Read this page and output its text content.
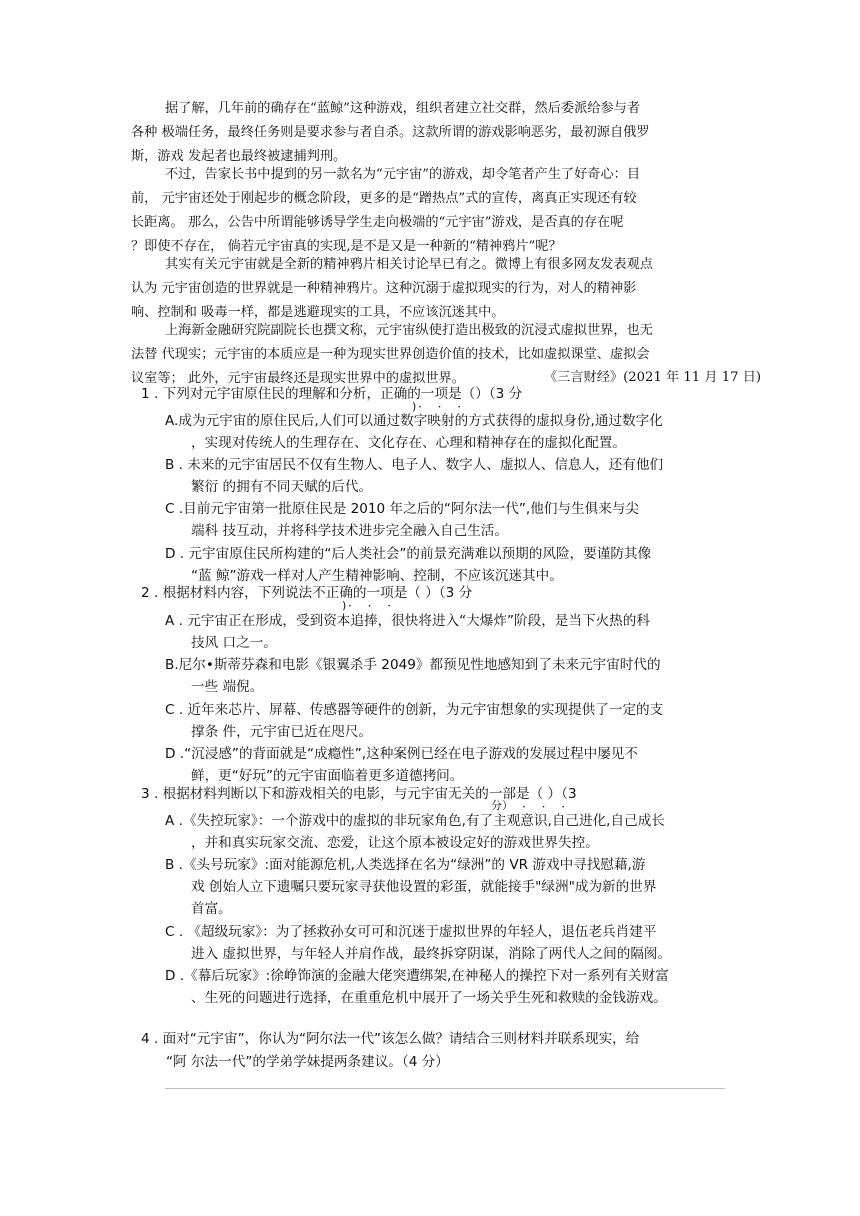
据了解，几年前的确存在“蓝鲸”这种游戏，组织者建立社交群，然后委派给参与者
各种 极端任务，最终任务则是要求参与者自杀。这款所谓的游戏影响恶劣，最初源自俄罗
斯，游戏 发起者也最终被逮捕判刑。
不过，告家长书中提到的另一款名为“元宇宙”的游戏，却令笔者产生了好奇心：目
前， 元宇宙还处于刚起步的概念阶段，更多的是“蹭热点”式的宣传，离真正实现还有较
长距离。 那么，公告中所谓能够诱导学生走向极端的“元宇宙”游戏，是否真的存在呢
？即使不存在， 倘若元宇宙真的实现,是不是又是一种新的“精神鸦片”呢？
其实有关元宇宙就是全新的精神鸦片相关讨论早已有之。微博上有很多网友发表观点
认为 元宇宙创造的世界就是一种精神鸦片。这种沉溺于虚拟现实的行为，对人的精神影
响、控制和 吸毒一样，都是逃避现实的工具，不应该沉迷其中。
上海新金融研究院副院长也撰文称，元宇宙纵使打造出极致的沉浸式虚拟世界，也无
法替 代现实；元宇宙的本质应是一种为现实世界创造价值的技术，比如虚拟课堂、虚拟会
议室等； 此外，元宇宙最终还是现实世界中的虚拟世界。	《三言财经》(2021 年 11 月 17 日)
1 . 下列对元宇宙原住民的理解和分析，正确的一项是（）（3 分
· · ·
)
A.成为元宇宙的原住民后,人们可以通过数字映射的方式获得的虚拟身份,通过数字化
，实现对传统人的生理存在、文化存在、心理和精神存在的虚拟化配置。
B . 未来的元宇宙居民不仅有生物人、电子人、数字人、虚拟人、信息人，还有他们
繁衍 的拥有不同天赋的后代。
C .目前元宇宙第一批原住民是 2010 年之后的“阿尔法一代”,他们与生俱来与尖
端科 技互动，并将科学技术进步完全融入自己生活。
D . 元宇宙原住民所构建的“后人类社会”的前景充满难以预期的风险，要谨防其像
“蓝 鲸”游戏一样对人产生精神影响、控制，不应该沉迷其中。
2 . 根据材料内容，下列说法不正确的一项是（ ）（3 分
· · ·
)
A . 元宇宙正在形成，受到资本追捧，很快将进入“大爆炸”阶段，是当下火热的科
技风 口之一。
B.尼尔•斯蒂芬森和电影《银翼杀手 2049》都预见性地感知到了未来元宇宙时代的
一些 端倪。
C . 近年来芯片、屏幕、传感器等硬件的创新，为元宇宙想象的实现提供了一定的支
撑条 件，元宇宙已近在咫尺。
D .“沉浸感”的背面就是“成瘾性”,这种案例已经在电子游戏的发展过程中屡见不
鲜，更“好玩”的元宇宙面临着更多道德拷问。
3 . 根据材料判断以下和游戏相关的电影，与元宇宙无关的一部是（ ）（3
分） · · ·
A .《失控玩家》：一个游戏中的虚拟的非玩家角色,有了主观意识,自己进化,自己成长
，并和真实玩家交流、恋爱，让这个原本被设定好的游戏世界失控。
B .《头号玩家》:面对能源危机,人类选择在名为“绿洲”的 VR 游戏中寻找慰藉,游
戏 创始人立下遗嘱只要玩家寻获他设置的彩蛋，就能接手"绿洲"成为新的世界
首富。
C . 《超级玩家》：为了拯救孙女可可和沉迷于虚拟世界的年轻人，退伍老兵肖建平
进入 虚拟世界，与年轻人并肩作战，最终拆穿阴谋，消除了两代人之间的隔阂。
D .《幕后玩家》:徐峥饰演的金融大佬突遭绑架,在神秘人的操控下对一系列有关财富
、生死的问题进行选择，在重重危机中展开了一场关乎生死和救赎的金钱游戏。
4 . 面对“元宇宙”，你认为“阿尔法一代”该怎么做？请结合三则材料并联系现实，给
“阿 尔法一代”的学弟学妹提两条建议。（4 分）
